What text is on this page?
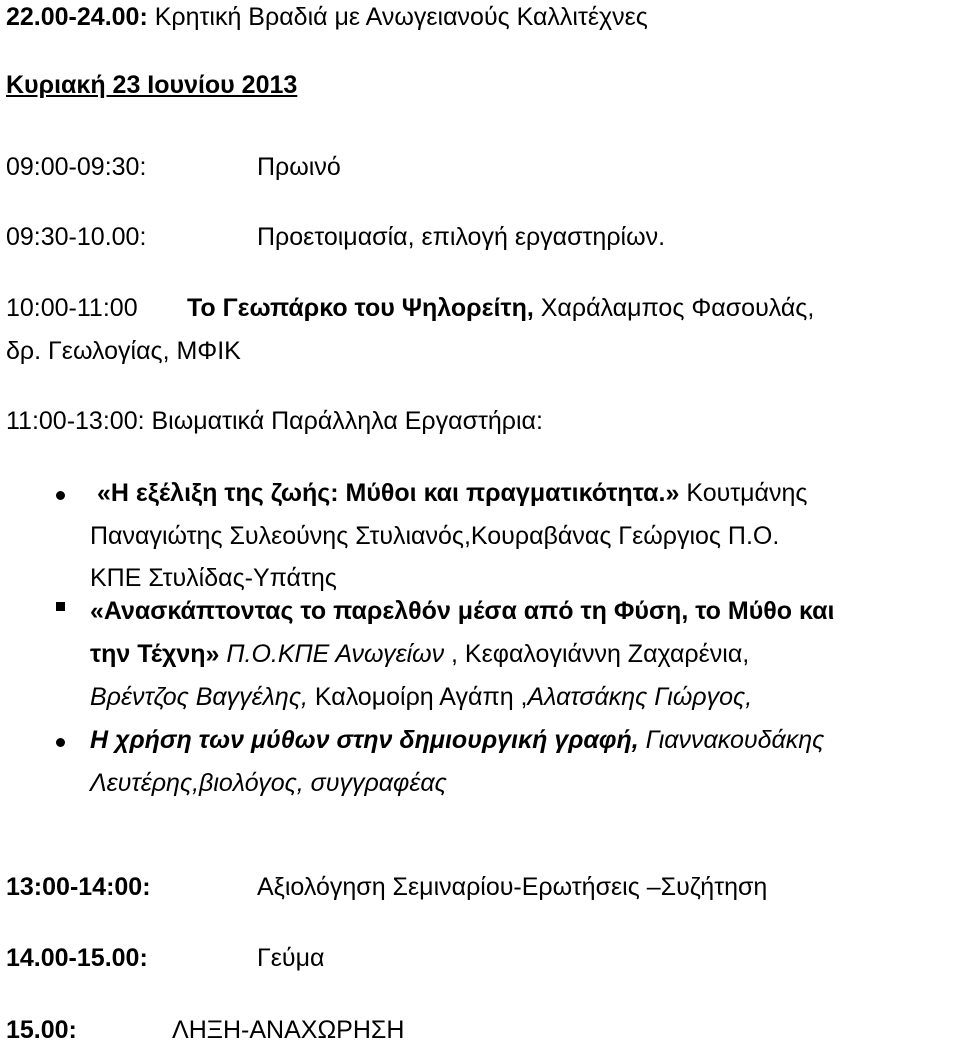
22.00-24.00: Κρητική Βραδιά με Ανωγειανούς Καλλιτέχνες
Κυριακή 23 Ιουνίου 2013
09:00-09:30:	Πρωινό
09:30-10.00:	Προετοιμασία, επιλογή εργαστηρίων.
10:00-11:00 Το Γεωπάρκο του Ψηλορείτη, Χαράλαμπος Φασουλάς,
δρ. Γεωλογίας, ΜΦΙΚ
11:00-13:00: Βιωματικά Παράλληλα Εργαστήρια:
«Η εξέλιξη της ζωής: Μύθοι και πραγματικότητα.» Κουτμάνης
Παναγιώτης Συλεούνης Στυλιανός,Κουραβάνας Γεώργιος Π.Ο.
ΚΠΕ Στυλίδας-Υπάτης
«Ανασκάπτοντας το παρελθόν μέσα από τη Φύση, το Μύθο και
την Τέχνη» Π.Ο.ΚΠΕ Ανωγείων , Κεφαλογιάννη Ζαχαρένια,
Βρέντζος Βαγγέλης, Καλομοίρη Αγάπη ,Αλατσάκης Γιώργος,
Η χρήση των μύθων στην δημιουργική γραφή, Γιαννακουδάκης
Λευτέρης,βιολόγος, συγγραφέας
13:00-14:00:	Αξιολόγηση Σεμιναρίου-Ερωτήσεις –Συζήτηση
14.00-15.00:	Γεύμα
15.00:	ΛΗΞΗ-ΑΝΑΧΩΡΗΣΗ
